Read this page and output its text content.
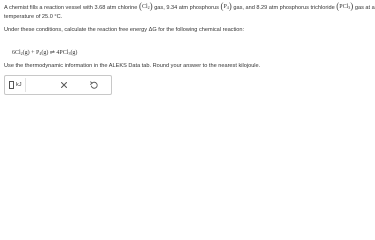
A chemist fills a reaction vessel with 3.68 atm chlorine $(Cl_2)$ gas, 9.34 atm phosphorus $(P_4)$ gas, and 8.29 atm phosphorus trichloride (PCl$_3$) gas at a
temperature of 25.0 °C.
Under these conditions, calculate the reaction free energy ΔG for the following chemical reaction:
$6Cl_2(g) + P_4(g)$ ⇌ 4PCl$_3$(g)
Use the thermodynamic information in the ALEKS Data tab. Round your answer to the nearest kilojoule.
kJ
